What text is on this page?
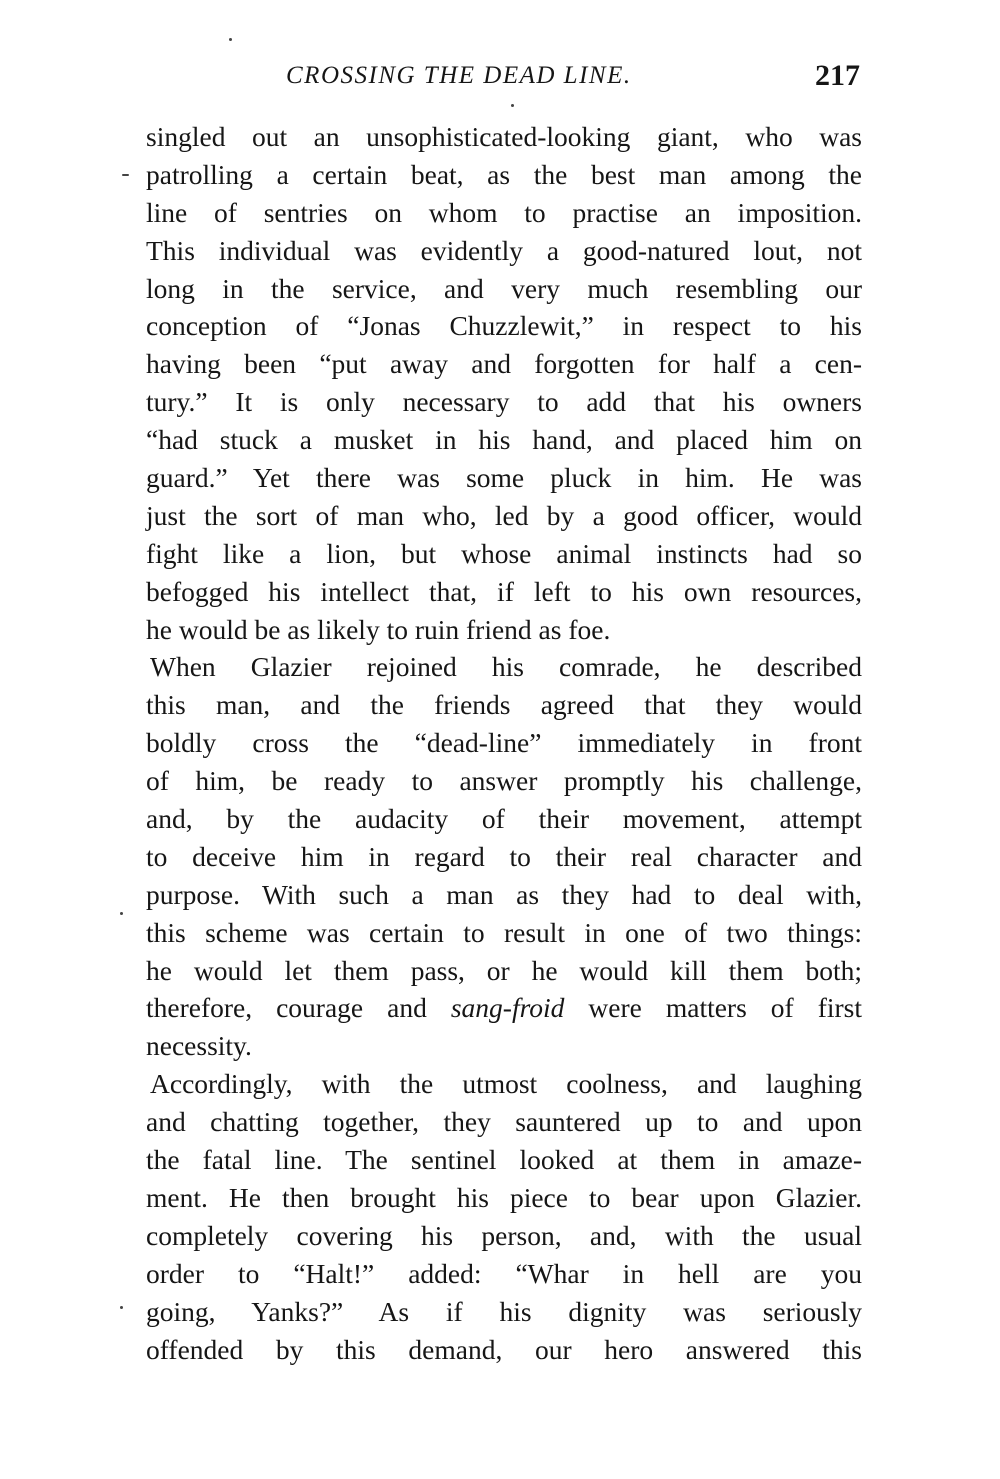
CROSSING THE DEAD LINE.	217
singled out an unsophisticated-looking giant, who was
patrolling a certain beat, as the best man among the
line of sentries on whom to practise an imposition.
This individual was evidently a good-natured lout, not
long in the service, and very much resembling our
conception of “Jonas Chuzzlewit,” in respect to his
having been “put away and forgotten for half a cen-
tury.” It is only necessary to add that his owners
“had stuck a musket in his hand, and placed him on
guard.” Yet there was some pluck in him. He was
just the sort of man who, led by a good officer, would
fight like a lion, but whose animal instincts had so
befogged his intellect that, if left to his own resources,
he would be as likely to ruin friend as foe.
When Glazier rejoined his comrade, he described
this man, and the friends agreed that they would
boldly cross the “dead-line” immediately in front
of him, be ready to answer promptly his challenge,
and, by the audacity of their movement, attempt
to deceive him in regard to their real character and
purpose. With such a man as they had to deal with,
this scheme was certain to result in one of two things:
he would let them pass, or he would kill them both;
therefore, courage and sang-froid were matters of first
necessity.
Accordingly, with the utmost coolness, and laughing
and chatting together, they sauntered up to and upon
the fatal line. The sentinel looked at them in amaze-
ment. He then brought his piece to bear upon Glazier.
completely covering his person, and, with the usual
order to “Halt!” added: “Whar in hell are you
going, Yanks?” As if his dignity was seriously
offended by this demand, our hero answered this
